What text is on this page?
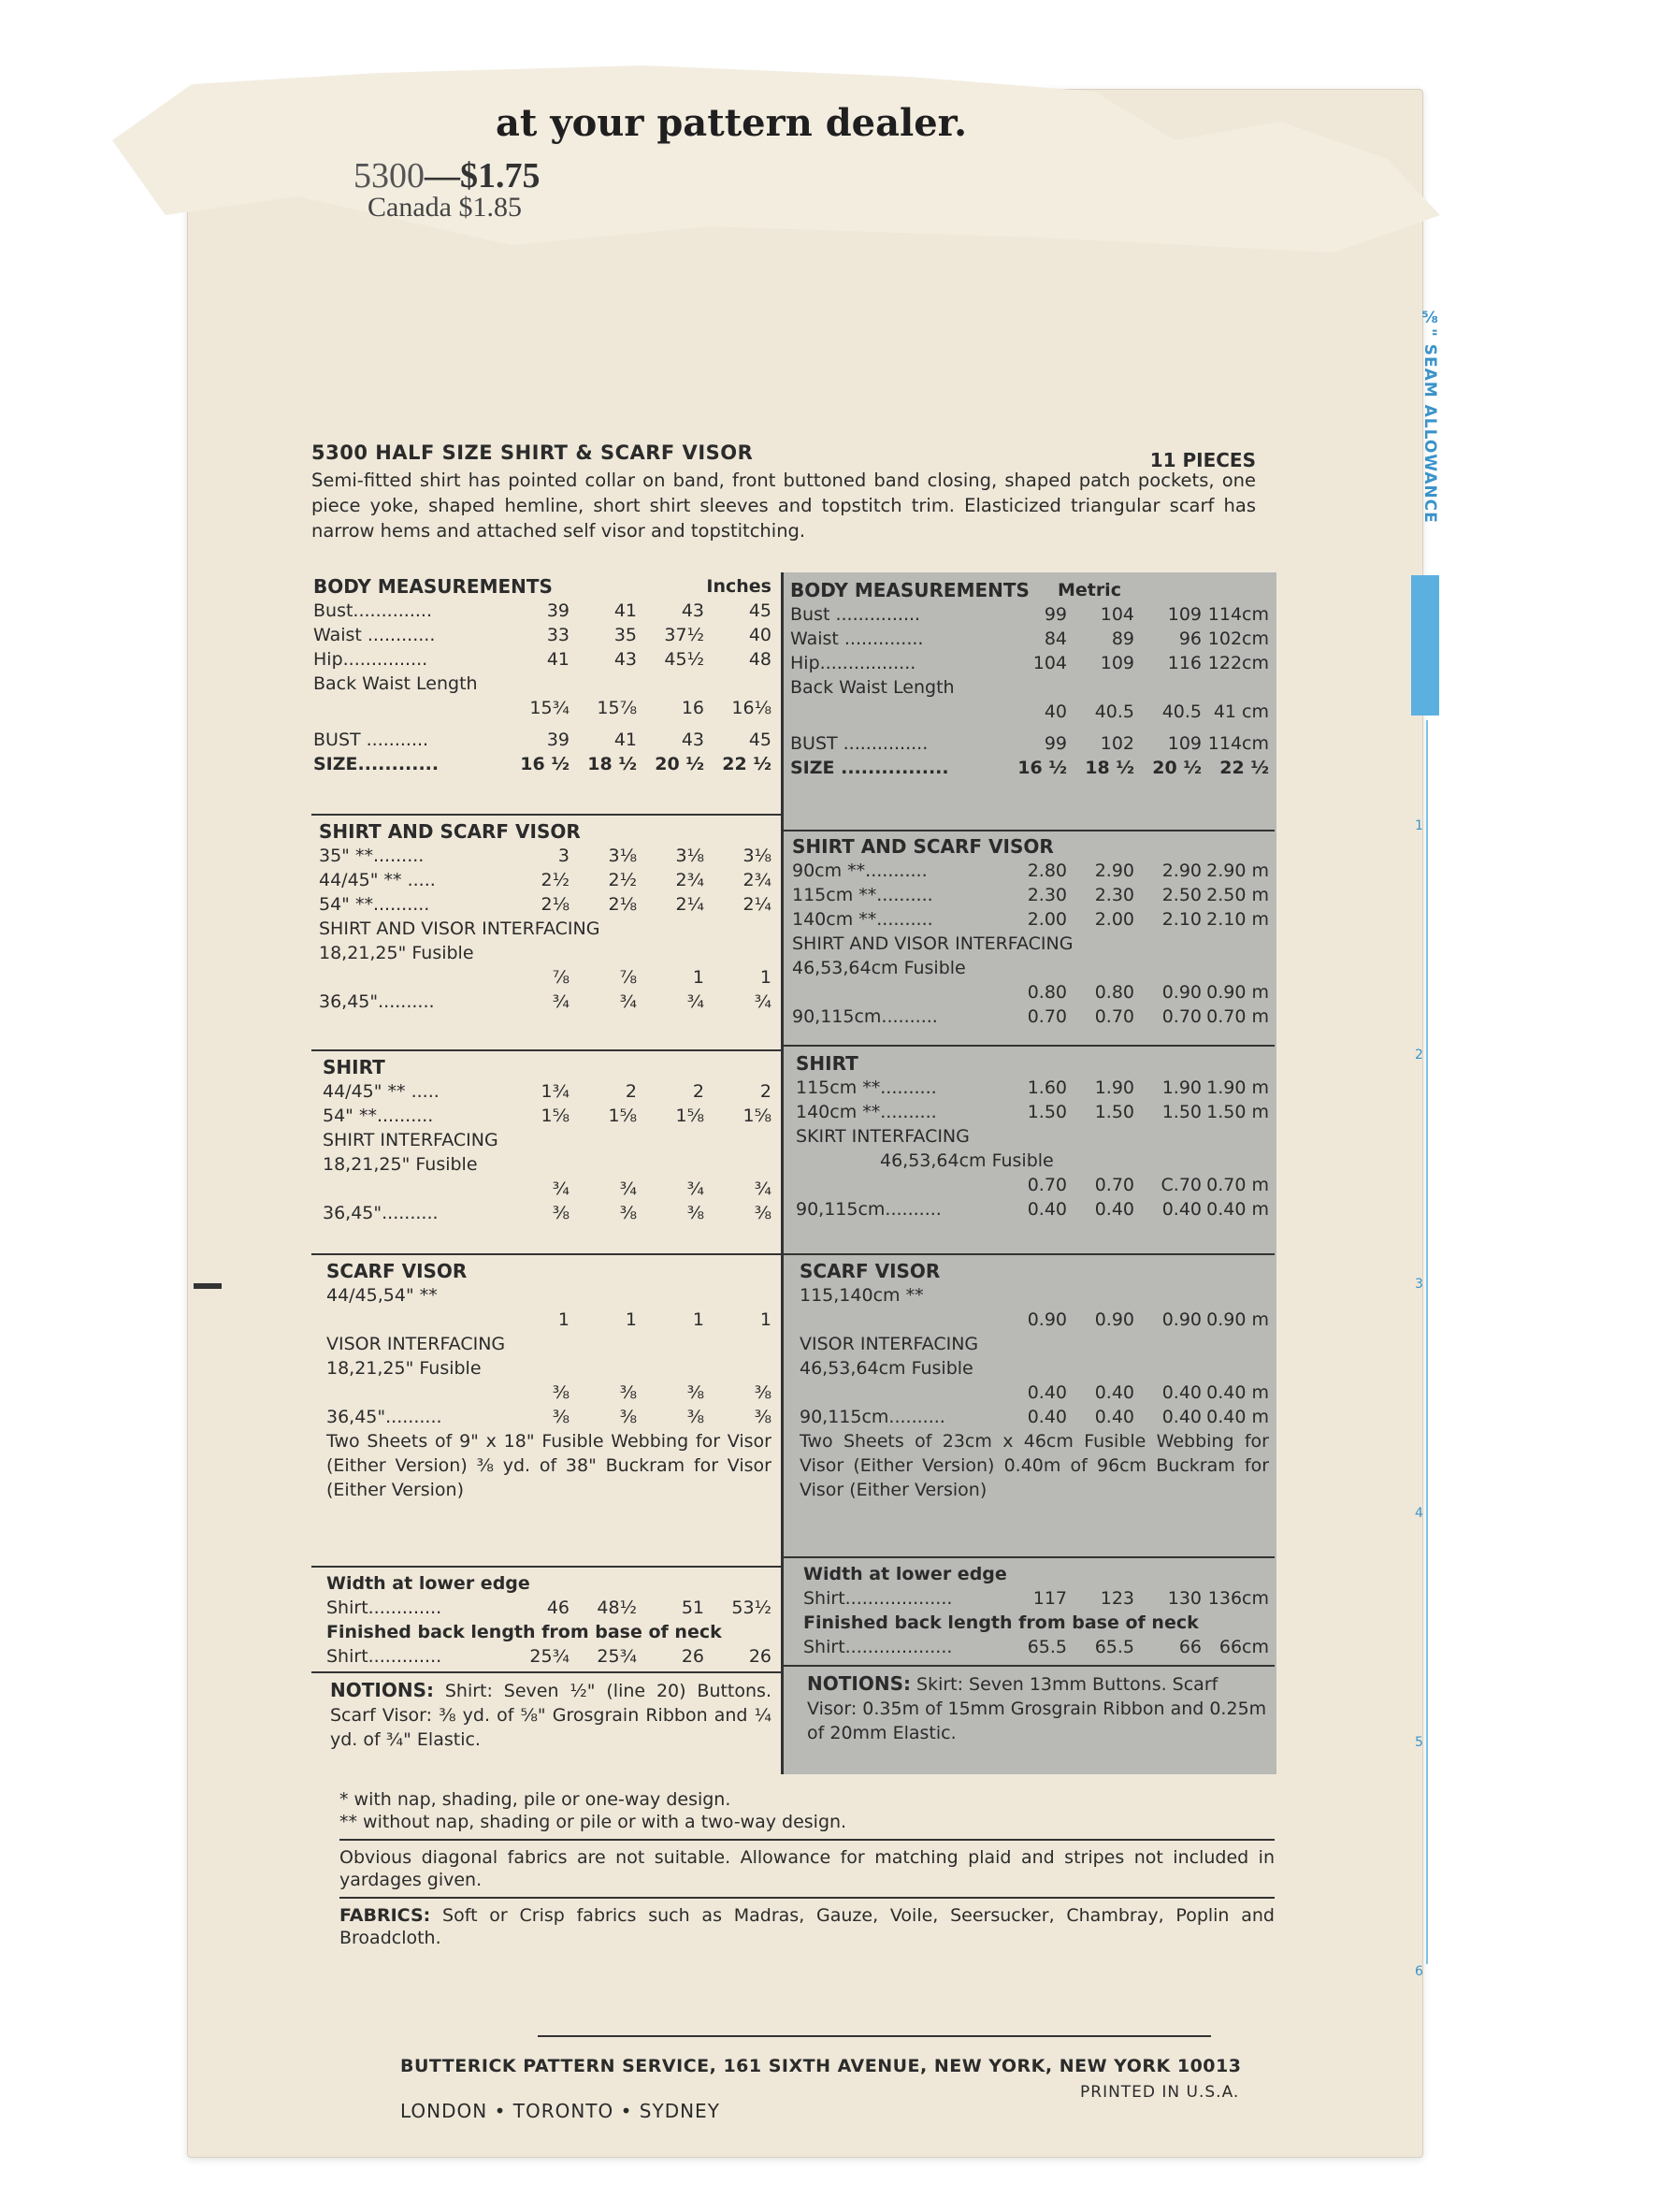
at your pattern dealer.
5300—$1.75
Canada $1.85
⅝" SEAM ALLOWANCE
1
2
3
4
5
6
5300 HALF SIZE SHIRT & SCARF VISOR	11 PIECES
Semi-fitted shirt has pointed collar on band, front buttoned band closing, shaped patch pockets, one piece yoke, shaped hemline, short shirt sleeves and topstitch trim. Elasticized triangular scarf has narrow hems and attached self visor and topstitching.
BODY MEASUREMENTS	Inches
Bust..............	39	41	43	45
Waist ............	33	35	37½	40
Hip...............	41	43	45½	48
Back Waist Length
15¾	15⅞	16	16⅛
BUST ...........	39	41	43	45
SIZE............	16 ½	18 ½	20 ½	22 ½
SHIRT AND SCARF VISOR
35" **.........	3	3⅛	3⅛	3⅛
44/45" ** .....	2½	2½	2¾	2¾
54" **..........	2⅛	2⅛	2¼	2¼
SHIRT AND VISOR INTERFACING
18,21,25" Fusible
⅞	⅞	1	1
36,45"..........	¾	¾	¾	¾
SHIRT
44/45" ** .....	1¾	2	2	2
54" **..........	1⅝	1⅝	1⅝	1⅝
SHIRT INTERFACING
18,21,25" Fusible
¾	¾	¾	¾
36,45"..........	⅜	⅜	⅜	⅜
SCARF VISOR
44/45,54" **
1	1	1	1
VISOR INTERFACING
18,21,25" Fusible
⅜	⅜	⅜	⅜
36,45"..........	⅜	⅜	⅜	⅜
Two Sheets of 9" x 18" Fusible Webbing for Visor (Either Version) ⅜ yd. of 38" Buckram for Visor (Either Version)
Width at lower edge
Shirt.............	46	48½	51	53½
Finished back length from base of neck
Shirt.............	25¾	25¾	26	26
NOTIONS: Shirt: Seven ½" (line 20) Buttons. Scarf Visor: ⅜ yd. of ⅝" Grosgrain Ribbon and ¼ yd. of ¾" Elastic.
BODY MEASUREMENTS Metric
Bust ...............	99	104	109 114cm
Waist ..............	84	89	96 102cm
Hip.................	104	109	116 122cm
Back Waist Length
40	40.5	40.5 41 cm
BUST ...............	99	102	109 114cm
SIZE ................	16 ½	18 ½	20 ½	22 ½
SHIRT AND SCARF VISOR
90cm **...........	2.80	2.90	2.90 2.90 m
115cm **..........	2.30	2.30	2.50 2.50 m
140cm **..........	2.00	2.00	2.10 2.10 m
SHIRT AND VISOR INTERFACING
46,53,64cm Fusible
0.80	0.80	0.90 0.90 m
90,115cm..........	0.70	0.70	0.70 0.70 m
SHIRT
115cm **..........	1.60	1.90	1.90 1.90 m
140cm **..........	1.50	1.50	1.50 1.50 m
SKIRT INTERFACING
46,53,64cm Fusible
0.70	0.70	C.70 0.70 m
90,115cm..........	0.40	0.40	0.40 0.40 m
SCARF VISOR
115,140cm **
0.90	0.90	0.90 0.90 m
VISOR INTERFACING
46,53,64cm Fusible
0.40	0.40	0.40 0.40 m
90,115cm..........	0.40	0.40	0.40 0.40 m
Two Sheets of 23cm x 46cm Fusible Webbing for Visor (Either Version) 0.40m of 96cm Buckram for Visor (Either Version)
Width at lower edge
Shirt...................	117	123	130 136cm
Finished back length from base of neck
Shirt...................	65.5	65.5	66 66cm
NOTIONS: Skirt: Seven 13mm Buttons. Scarf Visor: 0.35m of 15mm Grosgrain Ribbon and 0.25m of 20mm Elastic.
* with nap, shading, pile or one-way design.
** without nap, shading or pile or with a two-way design.
Obvious diagonal fabrics are not suitable. Allowance for matching plaid and stripes not included in yardages given.
FABRICS: Soft or Crisp fabrics such as Madras, Gauze, Voile, Seersucker, Chambray, Poplin and Broadcloth.
BUTTERICK PATTERN SERVICE, 161 SIXTH AVENUE, NEW YORK, NEW YORK 10013
LONDON • TORONTO • SYDNEY
PRINTED IN U.S.A.
